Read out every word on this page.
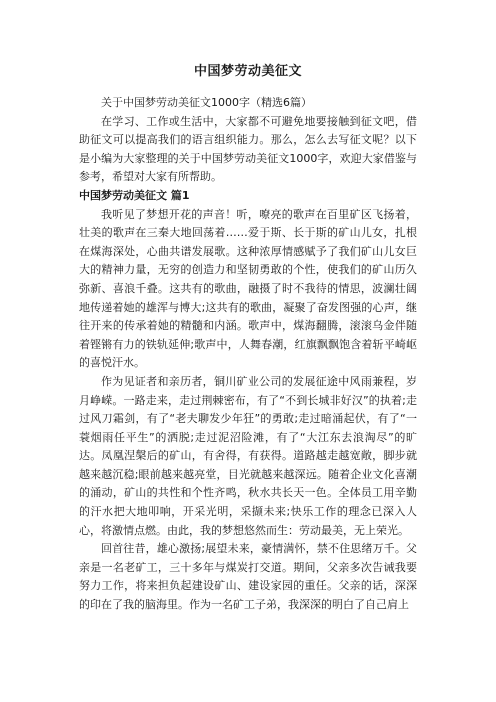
中国梦劳动美征文

关于中国梦劳动美征文1000字（精选6篇）

在学习、工作或生活中，大家都不可避免地要接触到征文吧，借助征文可以提高我们的语言组织能力。那么，怎么去写征文呢？以下是小编为大家整理的关于中国梦劳动美征文1000字，欢迎大家借鉴与参考，希望对大家有所帮助。

中国梦劳动美征文 篇1

我听见了梦想开花的声音！听，嘹亮的歌声在百里矿区飞扬着，壮美的歌声在三秦大地回荡着……爱于斯、长于斯的矿山儿女，扎根在煤海深处，心曲共谱发展歌。这种浓厚情感赋予了我们矿山儿女巨大的精神力量，无穷的创造力和坚韧勇敢的个性，使我们的矿山历久弥新、喜浪千叠。这共有的歌曲，融摄了时不我待的情思，波澜壮阔地传递着她的雄浑与博大;这共有的歌曲，凝聚了奋发图强的心声，继往开来的传承着她的精髓和内涵。歌声中，煤海翻腾，滚滚乌金伴随着铿锵有力的铁轨延伸;歌声中，人舞春潮，红旗飘飘饱含着斩平崎岖的喜悦汗水。

作为见证者和亲历者，铜川矿业公司的发展征途中风雨兼程，岁月峥嵘。一路走来，走过荆棘密布，有了“不到长城非好汉”的执着;走过风刀霜剑，有了“老夫聊发少年狂”的勇敢;走过暗涌起伏，有了“一蓑烟雨任平生”的洒脱;走过泥沼险滩，有了“大江东去浪淘尽”的旷达。凤凰涅槃后的矿山，有舍得，有获得。道路越走越宽敞，脚步就越来越沉稳;眼前越来越亮堂，目光就越来越深远。随着企业文化喜潮的涌动，矿山的共性和个性齐鸣，秋水共长天一色。全体员工用辛勤的汗水把大地叩响，开采光明，采撷未来;快乐工作的理念已深入人心，将激情点燃。由此，我的梦想悠然而生：劳动最美，无上荣光。

回首往昔，雄心激扬;展望未来，豪情满怀，禁不住思绪万千。父亲是一名老矿工，三十多年与煤炭打交道。期间，父亲多次告诫我要努力工作，将来担负起建设矿山、建设家园的重任。父亲的话，深深的印在了我的脑海里。作为一名矿工子弟，我深深的明白了自己肩上
